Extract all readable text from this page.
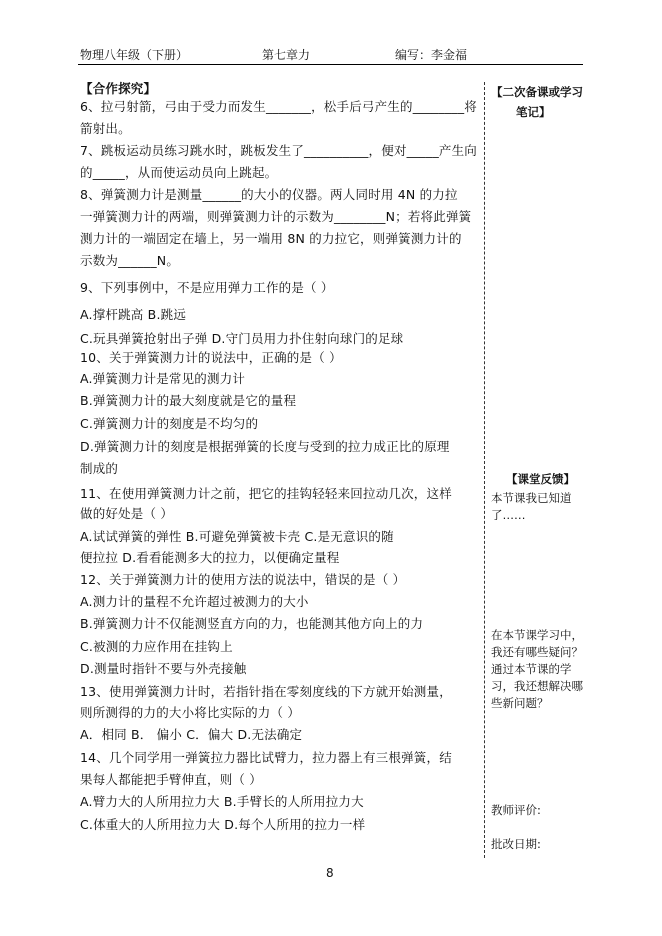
物理八年级（下册）	第七章力	编写：李金福
【合作探究】
6、拉弓射箭，弓由于受力而发生_______，松手后弓产生的________将
箭射出。
7、跳板运动员练习跳水时，跳板发生了__________，便对_____产生向
的_____，从而使运动员向上跳起。
8、弹簧测力计是测量______的大小的仪器。两人同时用 4N 的力拉
一弹簧测力计的两端，则弹簧测力计的示数为________N；若将此弹簧
测力计的一端固定在墙上，另一端用 8N 的力拉它，则弹簧测力计的
示数为______N。
9、下列事例中，不是应用弹力工作的是（ ）
A.撑杆跳高 B.跳远
C.玩具弹簧抢射出子弹 D.守门员用力扑住射向球门的足球
10、关于弹簧测力计的说法中，正确的是（ ）
A.弹簧测力计是常见的测力计
B.弹簧测力计的最大刻度就是它的量程
C.弹簧测力计的刻度是不均匀的
D.弹簧测力计的刻度是根据弹簧的长度与受到的拉力成正比的原理
制成的
11、在使用弹簧测力计之前，把它的挂钩轻轻来回拉动几次，这样
做的好处是（ ）
A.试试弹簧的弹性 B.可避免弹簧被卡壳 C.是无意识的随
便拉拉 D.看看能测多大的拉力，以便确定量程
12、关于弹簧测力计的使用方法的说法中，错误的是（ ）
A.测力计的量程不允许超过被测力的大小
B.弹簧测力计不仅能测竖直方向的力，也能测其他方向上的力
C.被测的力应作用在挂钩上
D.测量时指针不要与外壳接触
13、使用弹簧测力计时，若指针指在零刻度线的下方就开始测量，
则所测得的力的大小将比实际的力（ ）
A．相同 B． 偏小 C．偏大 D.无法确定
14、几个同学用一弹簧拉力器比试臂力，拉力器上有三根弹簧，结
果每人都能把手臂伸直，则（ ）
A.臂力大的人所用拉力大 B.手臂长的人所用拉力大
C.体重大的人所用拉力大 D.每个人所用的拉力一样
【二次备课或学习
笔记】
【课堂反馈】
本节课我已知道
了……
在本节课学习中，
我还有哪些疑问？
通过本节课的学
习，我还想解决哪
些新问题？
教师评价:
批改日期:
8
